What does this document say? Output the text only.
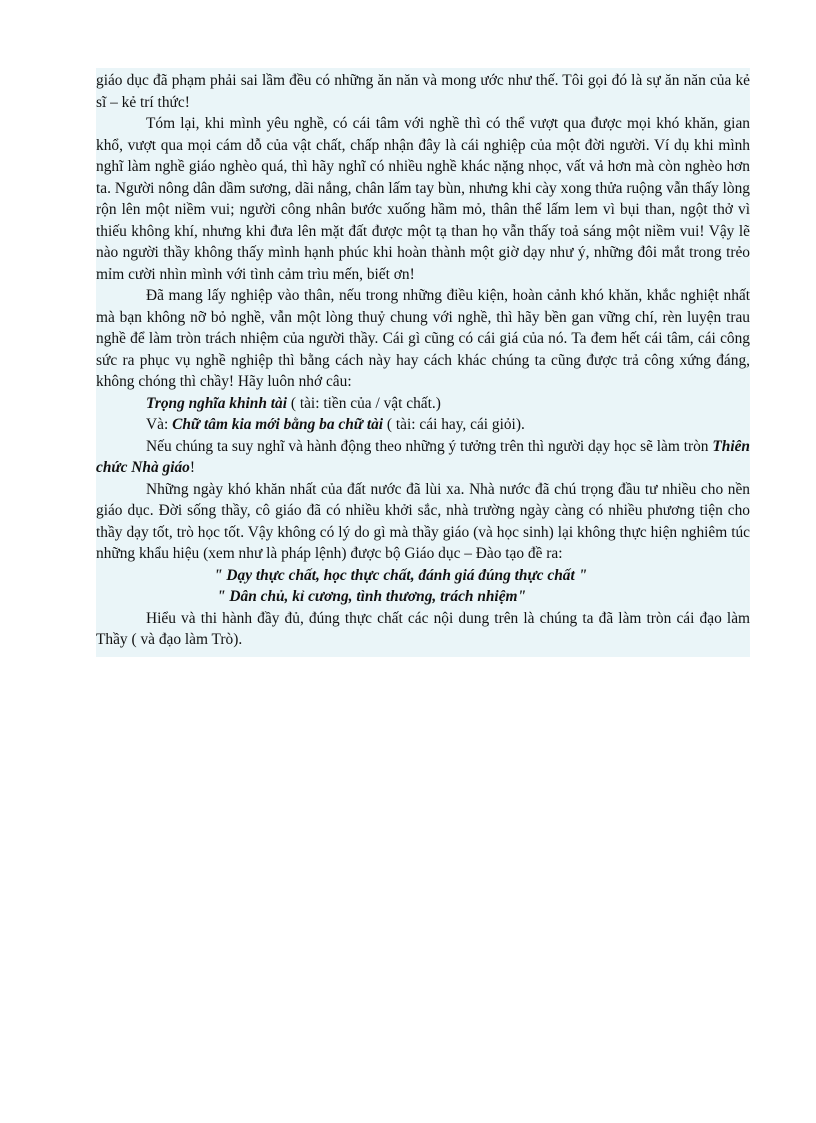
giáo dục đã phạm phải sai lầm đều có những ăn năn và mong ước như thế. Tôi gọi đó là sự ăn năn của kẻ sĩ – kẻ trí thức!

Tóm lại, khi mình yêu nghề, có cái tâm với nghề thì có thể vượt qua được mọi khó khăn, gian khổ, vượt qua mọi cám dỗ của vật chất, chấp nhận đây là cái nghiệp của một đời người. Ví dụ khi mình nghĩ làm nghề giáo nghèo quá, thì hãy nghĩ có nhiều nghề khác nặng nhọc, vất vả hơn mà còn nghèo hơn ta. Người nông dân dầm sương, dãi nắng, chân lấm tay bùn, nhưng khi cày xong thửa ruộng vẫn thấy lòng rộn lên một niềm vui; người công nhân bước xuống hầm mỏ, thân thể lấm lem vì bụi than, ngột thở vì thiếu không khí, nhưng khi đưa lên mặt đất được một tạ than họ vẫn thấy toả sáng một niềm vui! Vậy lẽ nào người thầy không thấy mình hạnh phúc khi hoàn thành một giờ dạy như ý, những đôi mắt trong trẻo mỉm cười nhìn mình với tình cảm trìu mến, biết ơn!

Đã mang lấy nghiệp vào thân, nếu trong những điều kiện, hoàn cảnh khó khăn, khắc nghiệt nhất mà bạn không nỡ bỏ nghề, vẫn một lòng thuỷ chung với nghề, thì hãy bền gan vững chí, rèn luyện trau nghề để làm tròn trách nhiệm của người thầy. Cái gì cũng có cái giá của nó. Ta đem hết cái tâm, cái công sức ra phục vụ nghề nghiệp thì bằng cách này hay cách khác chúng ta cũng được trả công xứng đáng, không chóng thì chầy! Hãy luôn nhớ câu:

Trọng nghĩa khinh tài ( tài: tiền của / vật chất.)

Và: Chữ tâm kia mới bằng ba chữ tài ( tài: cái hay, cái giỏi).

Nếu chúng ta suy nghĩ và hành động theo những ý tưởng trên thì người dạy học sẽ làm tròn Thiên chức Nhà giáo!

Những ngày khó khăn nhất của đất nước đã lùi xa. Nhà nước đã chú trọng đầu tư nhiều cho nền giáo dục. Đời sống thầy, cô giáo đã có nhiều khởi sắc, nhà trường ngày càng có nhiều phương tiện cho thầy dạy tốt, trò học tốt. Vậy không có lý do gì mà thầy giáo (và học sinh) lại không thực hiện nghiêm túc những khẩu hiệu (xem như là pháp lệnh) được bộ Giáo dục – Đào tạo đề ra:

" Dạy thực chất, học thực chất, đánh giá đúng thực chất "

" Dân chủ, kỉ cương, tình thương, trách nhiệm"

Hiểu và thi hành đầy đủ, đúng thực chất các nội dung trên là chúng ta đã làm tròn cái đạo làm Thầy ( và đạo làm Trò).
